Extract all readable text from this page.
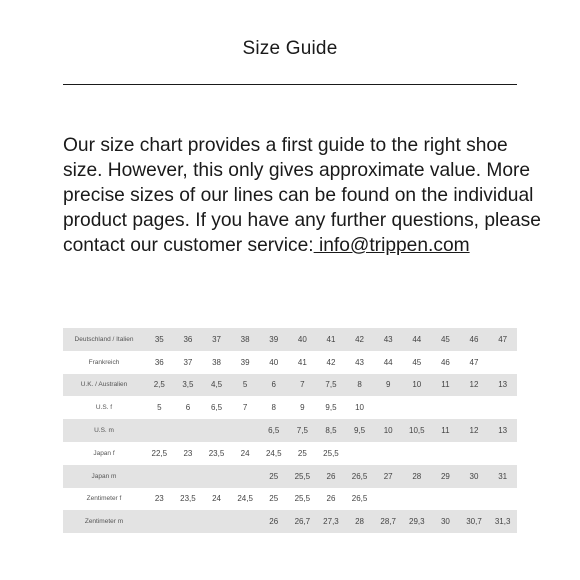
Size Guide
Our size chart provides a first guide to the right shoe
size. However, this only gives approximate value. More
precise sizes of our lines can be found on the individual
product pages. If you have any further questions, please
contact our customer service: info@trippen.com
Deutschland / Italien	35	36	37	38	39	40	41	42	43	44	45	46	47
Frankreich	36	37	38	39	40	41	42	43	44	45	46	47	
U.K. / Australien	2,5	3,5	4,5	5	6	7	7,5	8	9	10	11	12	13
U.S. f	5	6	6,5	7	8	9	9,5	10					
U.S. m					6,5	7,5	8,5	9,5	10	10,5	11	12	13
Japan f	22,5	23	23,5	24	24,5	25	25,5						
Japan m					25	25,5	26	26,5	27	28	29	30	31
Zentimeter f	23	23,5	24	24,5	25	25,5	26	26,5					
Zentimeter m					26	26,7	27,3	28	28,7	29,3	30	30,7	31,3
